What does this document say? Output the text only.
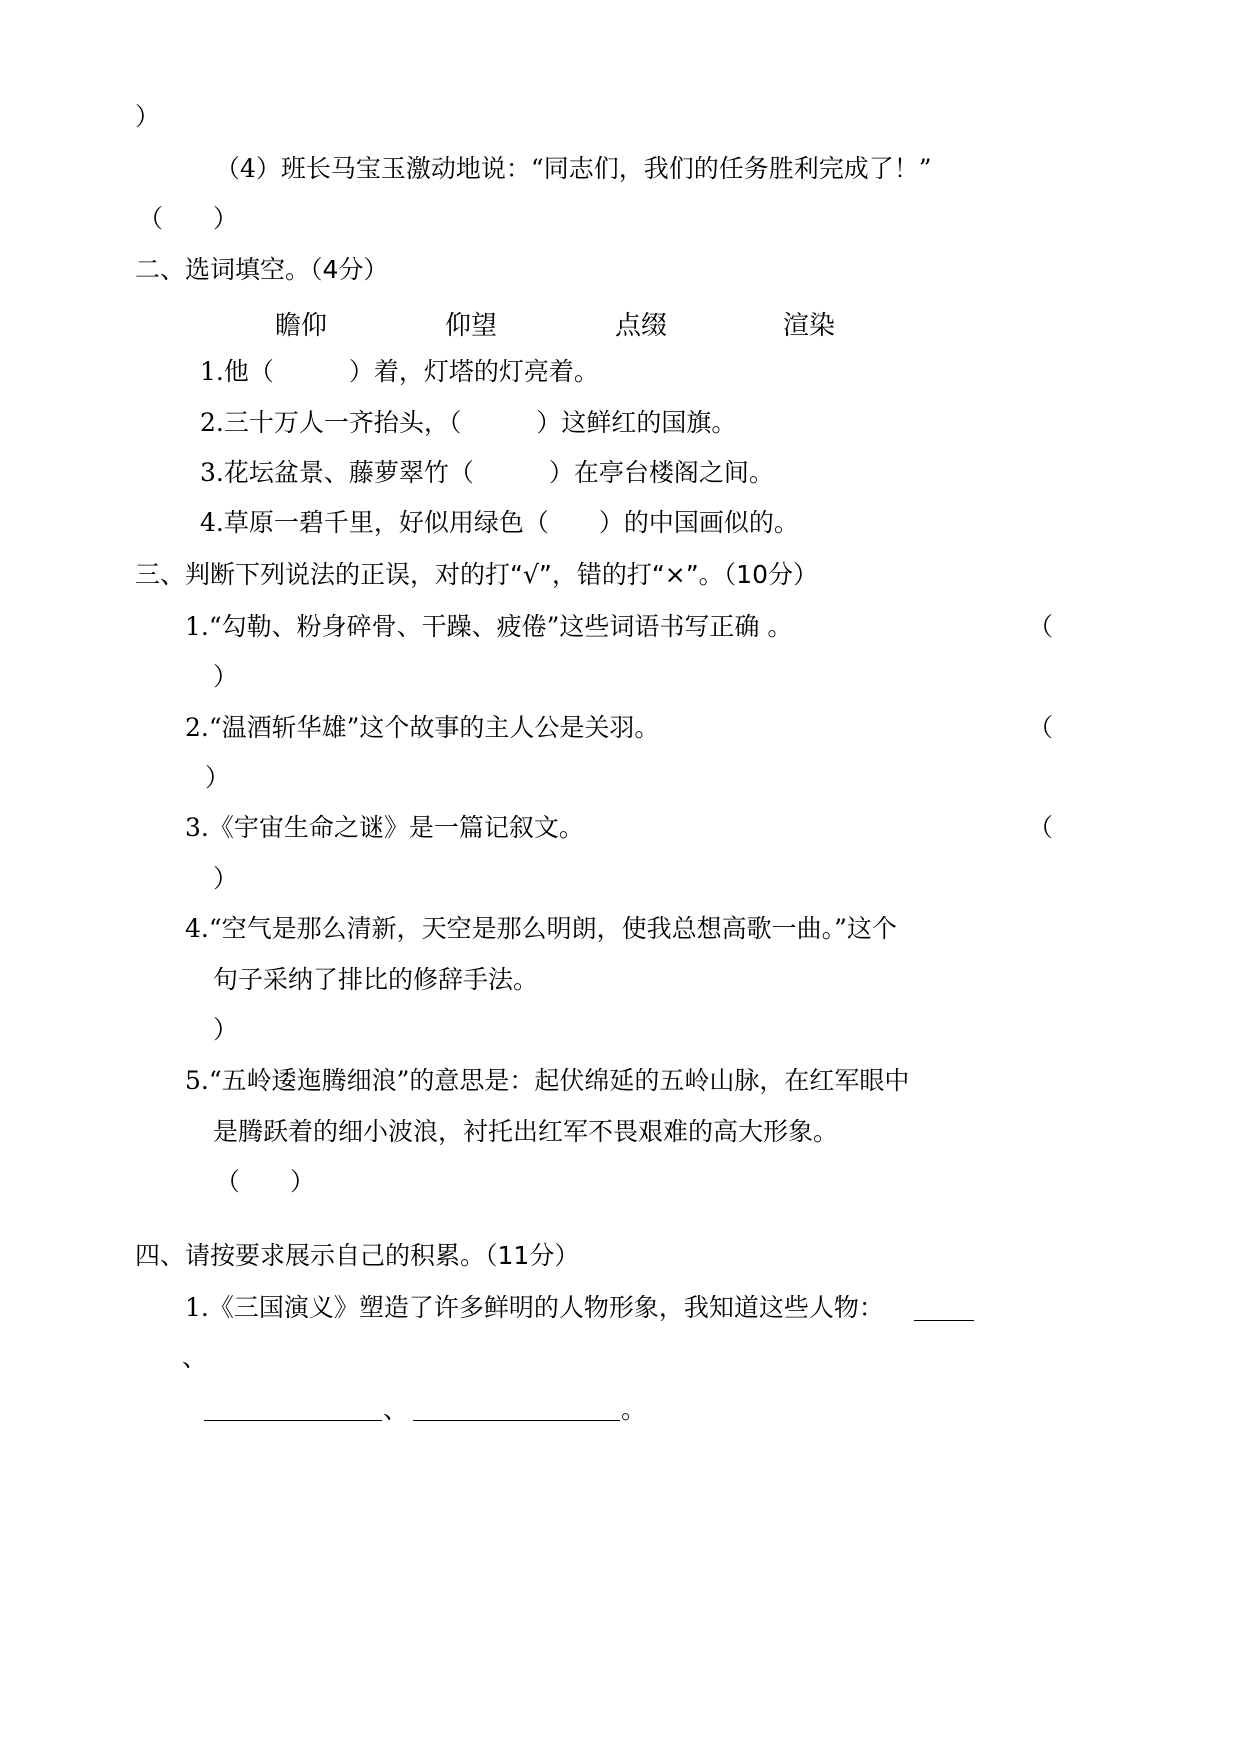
）
（4）班长马宝玉激动地说：“同志们，我们的任务胜利完成了！”
（　　）
二、选词填空。（4分）
瞻仰	仰望	点缀	渲染
1.他（　　　）着，灯塔的灯亮着。
2.三十万人一齐抬头，（　　　）这鲜红的国旗。
3.花坛盆景、藤萝翠竹（　　　）在亭台楼阁之间。
4.草原一碧千里，好似用绿色（　　）的中国画似的。
三、判断下列说法的正误，对的打“√”，错的打“×”。（10分）
1.“勾勒、粉身碎骨、干躁、疲倦”这些词语书写正确 。	（
）
2.“温酒斩华雄”这个故事的主人公是关羽。	（
）
3.《宇宙生命之谜》是一篇记叙文。	（
）
4.“空气是那么清新，天空是那么明朗，使我总想高歌一曲。”这个
句子采纳了排比的修辞手法。
）
5.“五岭逶迤腾细浪”的意思是：起伏绵延的五岭山脉，在红军眼中
是腾跃着的细小波浪，衬托出红军不畏艰难的高大形象。
（　　）
四、请按要求展示自己的积累。（11分）
1.《三国演义》塑造了许多鲜明的人物形象，我知道这些人物：
、
、	。
